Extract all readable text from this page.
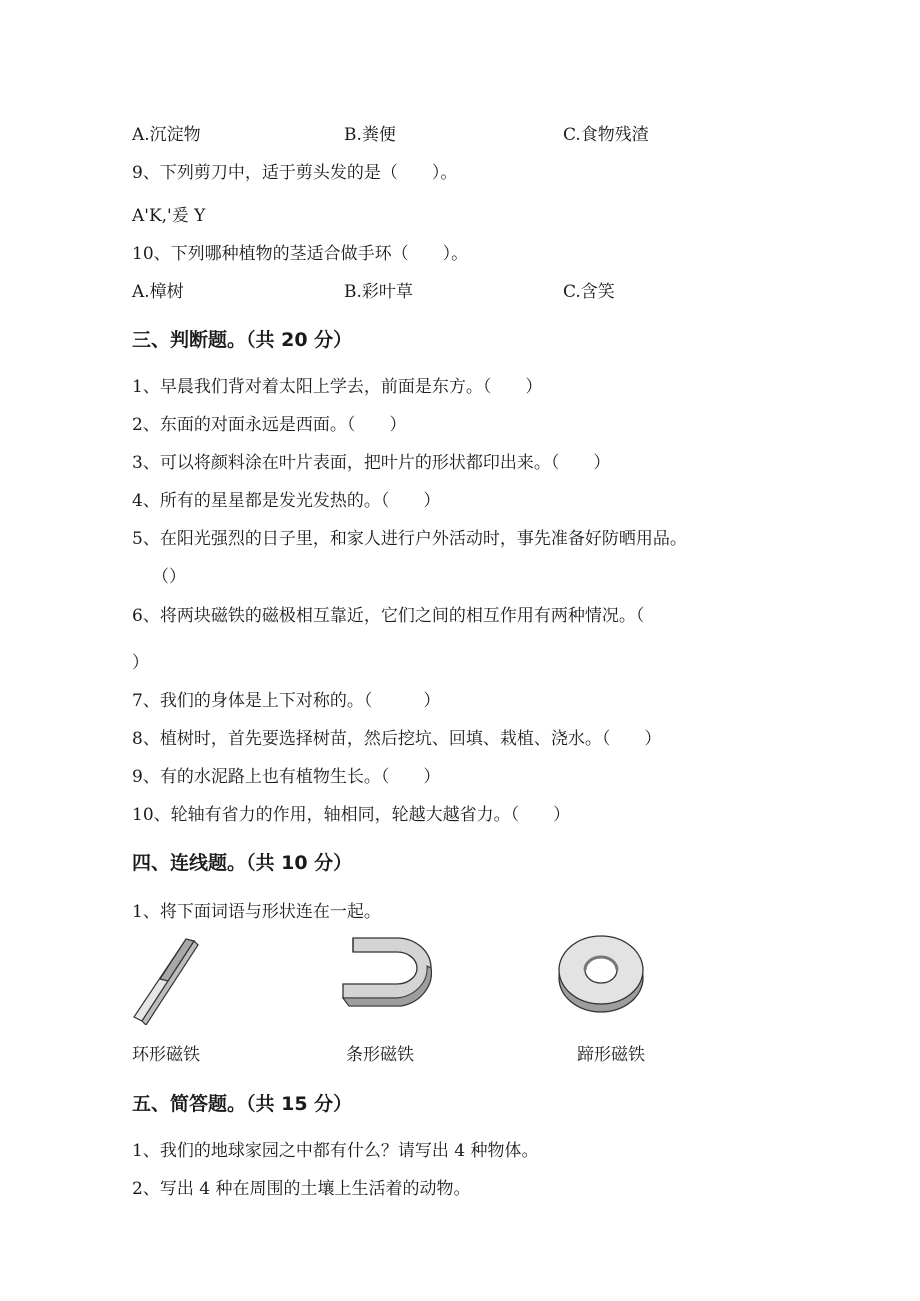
A.沉淀物	B.粪便	C.食物残渣
9、下列剪刀中，适于剪头发的是（　　）。
A'K,'爰 Y
10、下列哪种植物的茎适合做手环（　　）。
A.樟树	B.彩叶草	C.含笑
三、判断题。（共 20 分）
1、早晨我们背对着太阳上学去，前面是东方。（　　）
2、东面的对面永远是西面。（　　）
3、可以将颜料涂在叶片表面，把叶片的形状都印出来。（　　）
4、所有的星星都是发光发热的。（　　）
5、在阳光强烈的日子里，和家人进行户外活动时，事先准备好防晒用品。
（）
6、将两块磁铁的磁极相互靠近，它们之间的相互作用有两种情况。（
）
7、我们的身体是上下对称的。（　　　）
8、植树时，首先要选择树苗，然后挖坑、回填、栽植、浇水。（　　）
9、有的水泥路上也有植物生长。（　　）
10、轮轴有省力的作用，轴相同，轮越大越省力。（　　）
四、连线题。（共 10 分）
1、将下面词语与形状连在一起。
环形磁铁	条形磁铁	蹄形磁铁
五、简答题。（共 15 分）
1、我们的地球家园之中都有什么？请写出 4 种物体。
2、写出 4 种在周围的土壤上生活着的动物。
